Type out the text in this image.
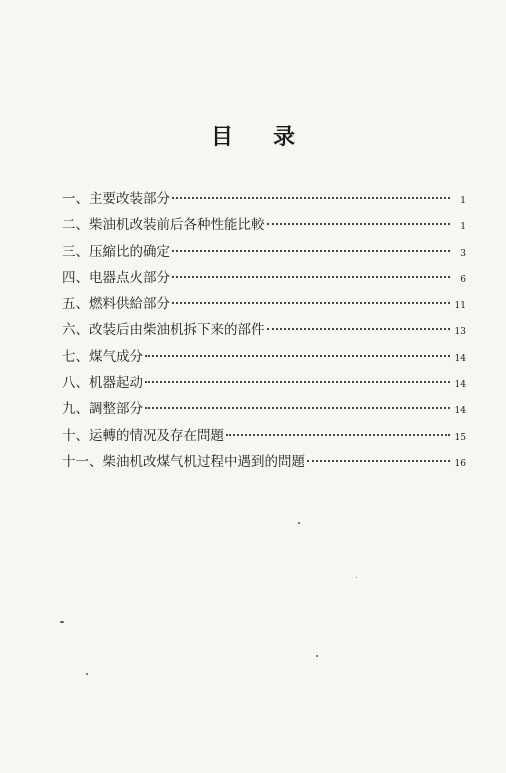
目 录
一、 主要改装部分	1
二、 柴油机改装前后各种性能比較	1
三、 压縮比的确定	3
四、 电器点火部分	6
五、 燃料供給部分	11
六、 改装后由柴油机拆下来的部件	13
七、 煤气成分	14
八、 机器起动	14
九、 調整部分	14
十、 运轉的情况及存在問題	15
十一、 柴油机改煤气机过程中遇到的問題	16
